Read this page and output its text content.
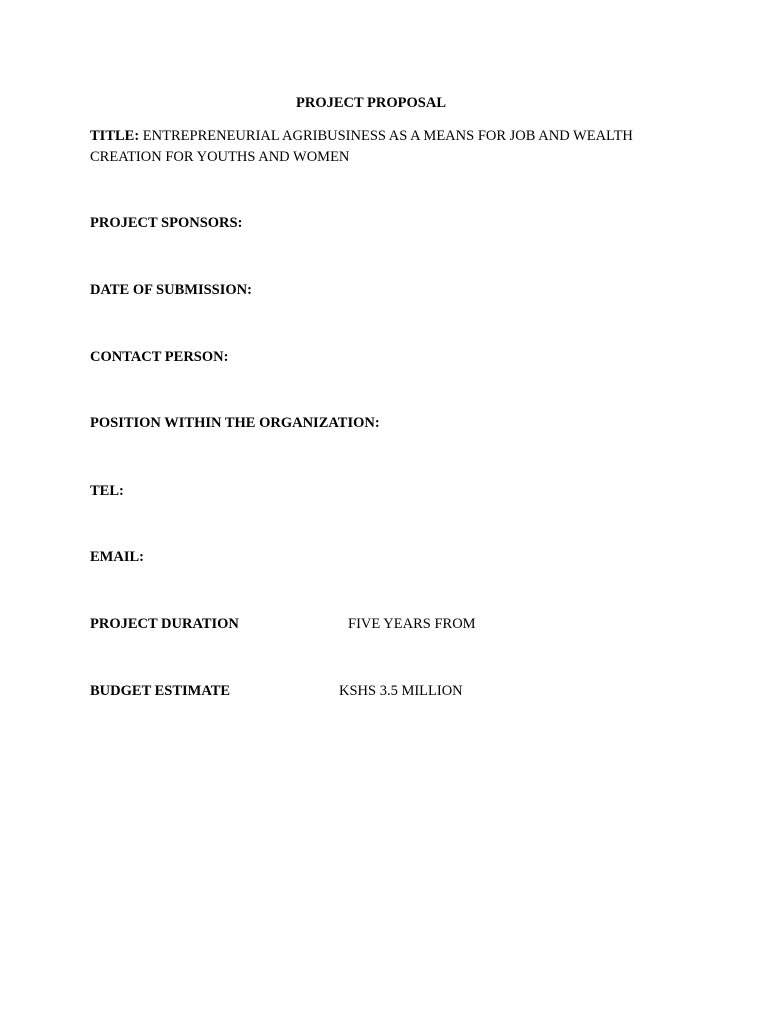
PROJECT PROPOSAL
TITLE: ENTREPRENEURIAL AGRIBUSINESS AS A MEANS FOR JOB AND WEALTH CREATION FOR YOUTHS AND WOMEN
PROJECT SPONSORS:
DATE OF SUBMISSION:
CONTACT PERSON:
POSITION WITHIN THE ORGANIZATION:
TEL:
EMAIL:
PROJECT DURATION	FIVE YEARS FROM
BUDGET ESTIMATE	KSHS 3.5 MILLION
